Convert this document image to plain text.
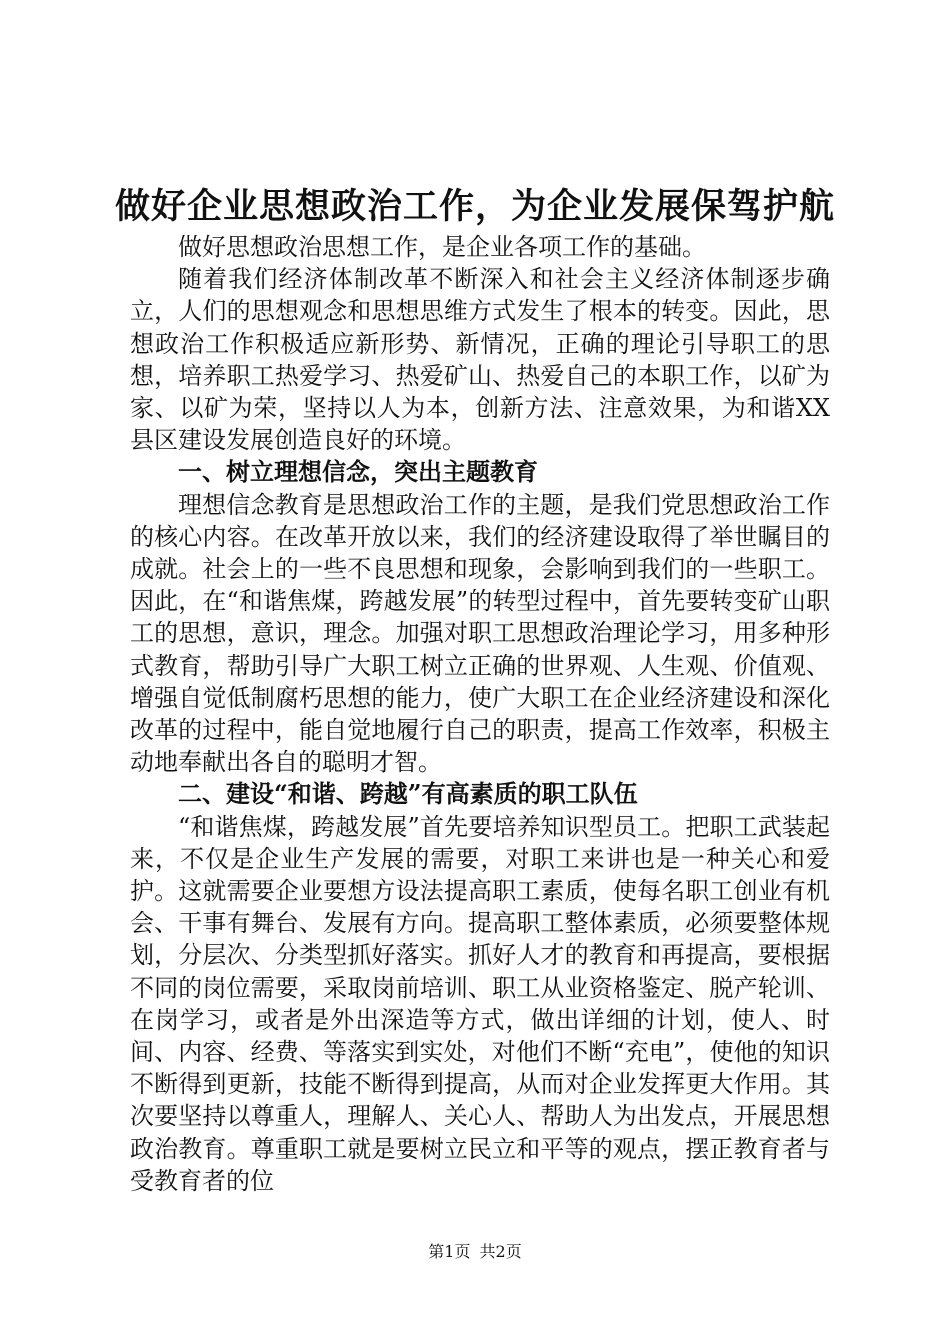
做好企业思想政治工作，为企业发展保驾护航

做好思想政治思想工作，是企业各项工作的基础。

随着我们经济体制改革不断深入和社会主义经济体制逐步确立，人们的思想观念和思想思维方式发生了根本的转变。因此，思想政治工作积极适应新形势、新情况，正确的理论引导职工的思想，培养职工热爱学习、热爱矿山、热爱自己的本职工作，以矿为家、以矿为荣，坚持以人为本，创新方法、注意效果，为和谐XX县区建设发展创造良好的环境。

一、树立理想信念，突出主题教育

理想信念教育是思想政治工作的主题，是我们党思想政治工作的核心内容。在改革开放以来，我们的经济建设取得了举世瞩目的成就。社会上的一些不良思想和现象，会影响到我们的一些职工。因此，在“和谐焦煤，跨越发展”的转型过程中，首先要转变矿山职工的思想，意识，理念。加强对职工思想政治理论学习，用多种形式教育，帮助引导广大职工树立正确的世界观、人生观、价值观、增强自觉低制腐朽思想的能力，使广大职工在企业经济建设和深化改革的过程中，能自觉地履行自己的职责，提高工作效率，积极主动地奉献出各自的聪明才智。

二、建设“和谐、跨越”有高素质的职工队伍

“和谐焦煤，跨越发展”首先要培养知识型员工。把职工武装起来，不仅是企业生产发展的需要，对职工来讲也是一种关心和爱护。这就需要企业要想方设法提高职工素质，使每名职工创业有机会、干事有舞台、发展有方向。提高职工整体素质，必须要整体规划，分层次、分类型抓好落实。抓好人才的教育和再提高，要根据不同的岗位需要，采取岗前培训、职工从业资格鉴定、脱产轮训、在岗学习，或者是外出深造等方式，做出详细的计划，使人、时间、内容、经费、等落实到实处，对他们不断“充电”，使他的知识不断得到更新，技能不断得到提高，从而对企业发挥更大作用。其次要坚持以尊重人，理解人、关心人、帮助人为出发点，开展思想政治教育。尊重职工就是要树立民立和平等的观点，摆正教育者与受教育者的位

第1页 共2页
